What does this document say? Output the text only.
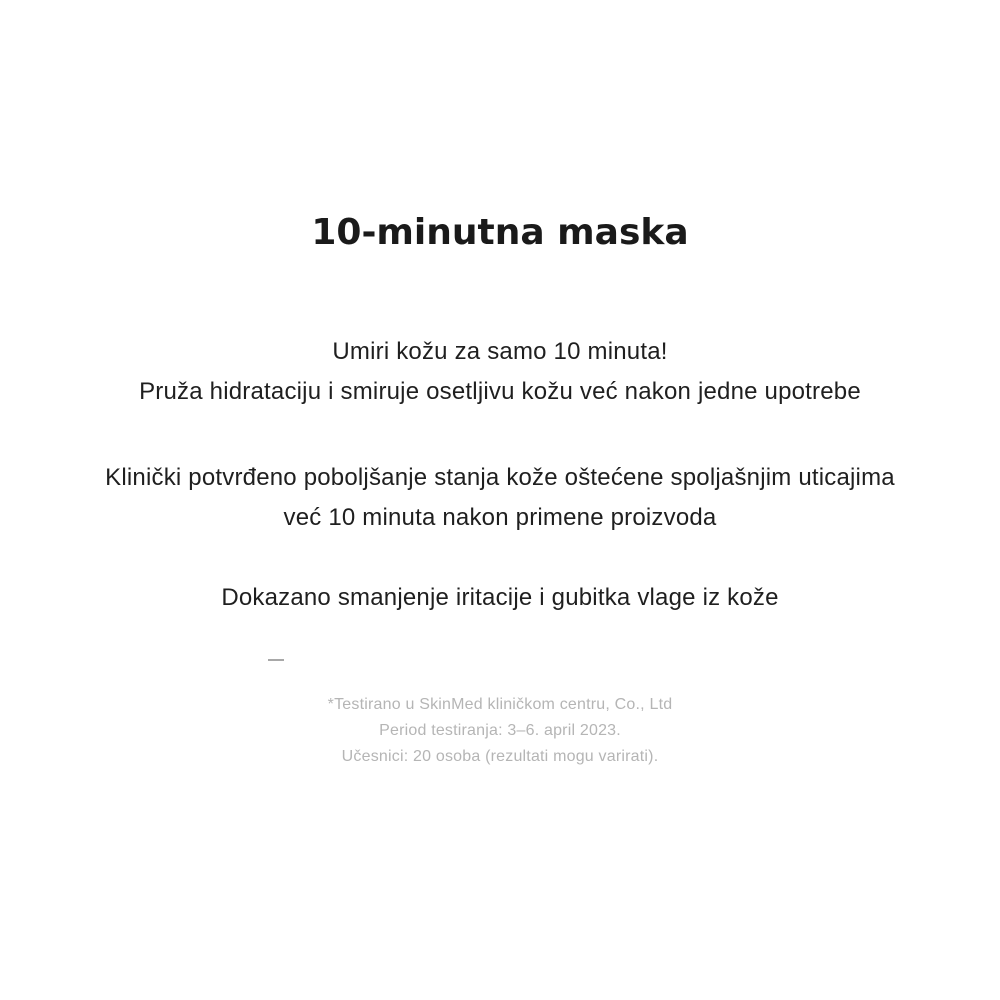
10-minutna maska

Umiri kožu za samo 10 minuta!

Pruža hidrataciju i smiruje osetljivu kožu već nakon jedne upotrebe

Klinički potvrđeno poboljšanje stanja kože oštećene spoljašnjim uticajima

već 10 minuta nakon primene proizvoda

Dokazano smanjenje iritacije i gubitka vlage iz kože

*Testirano u SkinMed kliničkom centru, Co., Ltd

Period testiranja: 3–6. april 2023.

Učesnici: 20 osoba (rezultati mogu varirati).
